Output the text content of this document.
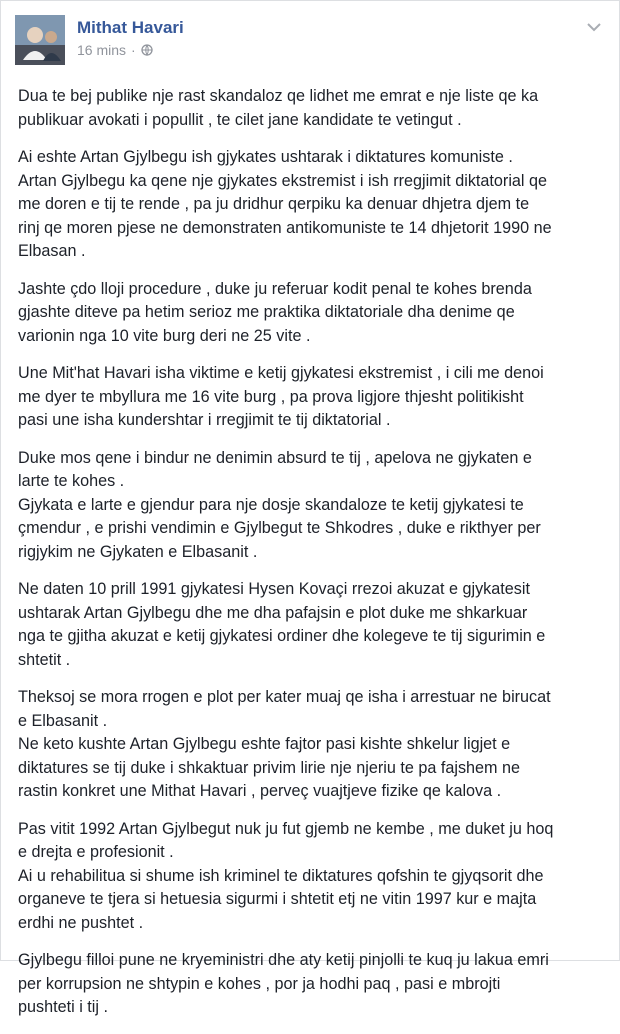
Mithat Havari
16 mins ·

Dua te bej publike nje rast skandaloz qe lidhet me emrat e nje liste qe ka
publikuar avokati i popullit , te cilet jane kandidate te vetingut .

Ai eshte Artan Gjylbegu ish gjykates ushtarak i diktatures komuniste .
Artan Gjylbegu ka qene nje gjykates ekstremist i ish rregjimit diktatorial qe
me doren e tij te rende , pa ju dridhur qerpiku ka denuar dhjetra djem te
rinj qe moren pjese ne demonstraten antikomuniste te 14 dhjetorit 1990 ne
Elbasan .

Jashte çdo lloji procedure , duke ju referuar kodit penal te kohes brenda
gjashte diteve pa hetim serioz me praktika diktatoriale dha denime qe
varionin nga 10 vite burg deri ne 25 vite .

Une Mit'hat Havari isha viktime e ketij gjykatesi ekstremist , i cili me denoi
me dyer te mbyllura me 16 vite burg , pa prova ligjore thjesht politikisht
pasi une isha kundershtar i rregjimit te tij diktatorial .

Duke mos qene i bindur ne denimin absurd te tij , apelova ne gjykaten e
larte te kohes .
Gjykata e larte e gjendur para nje dosje skandaloze te ketij gjykatesi te
çmendur , e prishi vendimin e Gjylbegut te Shkodres , duke e rikthyer per
rigjykim ne Gjykaten e Elbasanit .

Ne daten 10 prill 1991 gjykatesi Hysen Kovaçi rrezoi akuzat e gjykatesit
ushtarak Artan Gjylbegu dhe me dha pafajsin e plot duke me shkarkuar
nga te gjitha akuzat e ketij gjykatesi ordiner dhe kolegeve te tij sigurimin e
shtetit .

Theksoj se mora rrogen e plot per kater muaj qe isha i arrestuar ne birucat
e Elbasanit .
Ne keto kushte Artan Gjylbegu eshte fajtor pasi kishte shkelur ligjet e
diktatures se tij duke i shkaktuar privim lirie nje njeriu te pa fajshem ne
rastin konkret une Mithat Havari , perveç vuajtjeve fizike qe kalova .

Pas vitit 1992 Artan Gjylbegut nuk ju fut gjemb ne kembe , me duket ju hoq
e drejta e profesionit .
Ai u rehabilitua si shume ish kriminel te diktatures qofshin te gjyqsorit dhe
organeve te tjera si hetuesia sigurmi i shtetit etj ne vitin 1997 kur e majta
erdhi ne pushtet .

Gjylbegu filloi pune ne kryeministri dhe aty ketij pinjolli te kuq ju lakua emri
per korrupsion ne shtypin e kohes , por ja hodhi paq , pasi e mbrojti
pushteti i tij .
